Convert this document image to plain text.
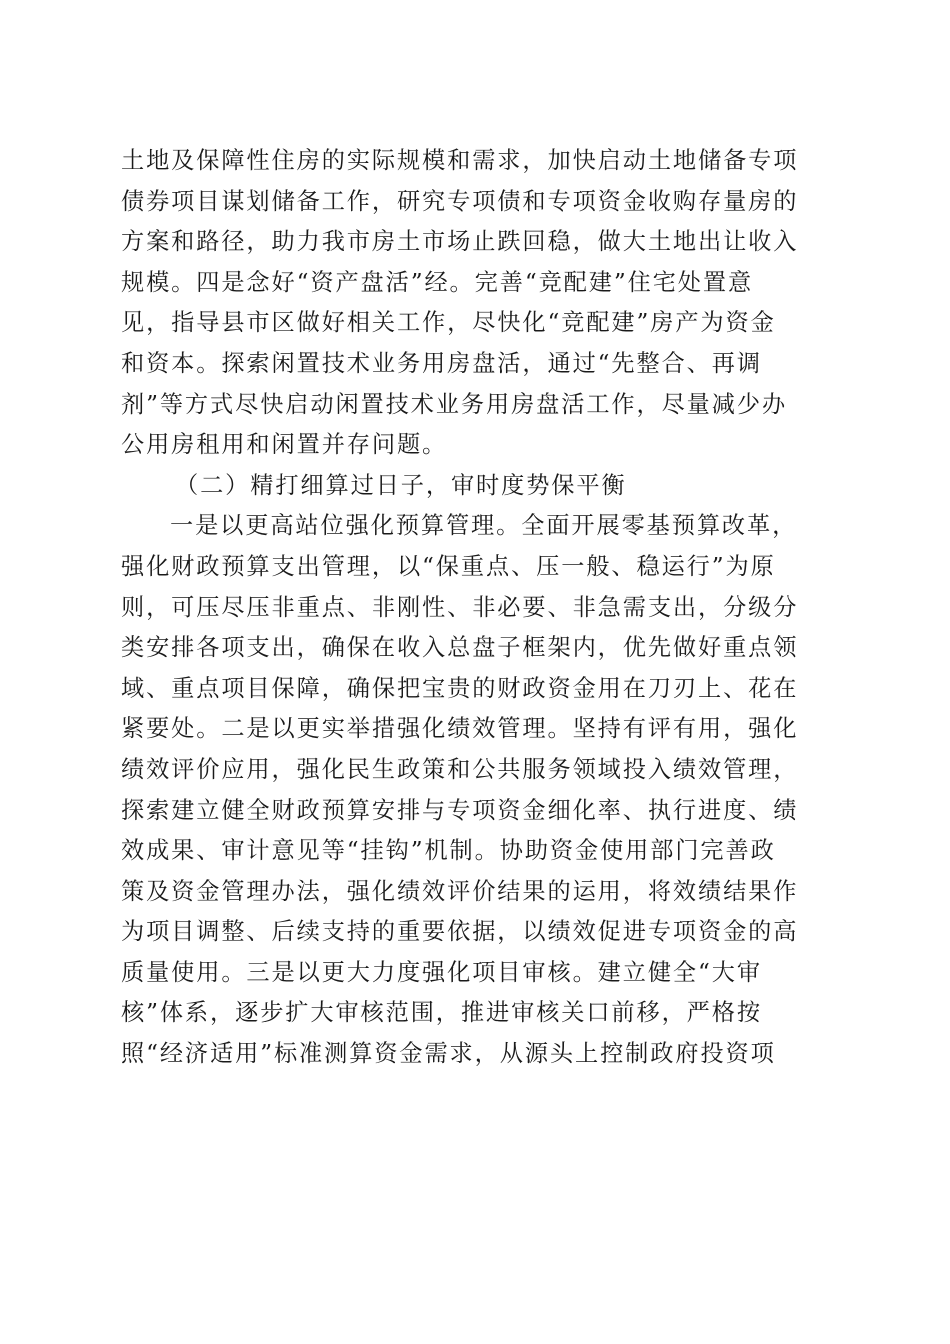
土地及保障性住房的实际规模和需求，加快启动土地储备专项
债券项目谋划储备工作，研究专项债和专项资金收购存量房的
方案和路径，助力我市房土市场止跌回稳，做大土地出让收入
规模。四是念好“资产盘活”经。完善“竞配建”住宅处置意
见，指导县市区做好相关工作，尽快化“竞配建”房产为资金
和资本。探索闲置技术业务用房盘活，通过“先整合、再调
剂”等方式尽快启动闲置技术业务用房盘活工作，尽量减少办
公用房租用和闲置并存问题。
（二）精打细算过日子，审时度势保平衡
一是以更高站位强化预算管理。全面开展零基预算改革，
强化财政预算支出管理，以“保重点、压一般、稳运行”为原
则，可压尽压非重点、非刚性、非必要、非急需支出，分级分
类安排各项支出，确保在收入总盘子框架内，优先做好重点领
域、重点项目保障，确保把宝贵的财政资金用在刀刃上、花在
紧要处。二是以更实举措强化绩效管理。坚持有评有用，强化
绩效评价应用，强化民生政策和公共服务领域投入绩效管理，
探索建立健全财政预算安排与专项资金细化率、执行进度、绩
效成果、审计意见等“挂钩”机制。协助资金使用部门完善政
策及资金管理办法，强化绩效评价结果的运用，将效绩结果作
为项目调整、后续支持的重要依据，以绩效促进专项资金的高
质量使用。三是以更大力度强化项目审核。建立健全“大审
核”体系，逐步扩大审核范围，推进审核关口前移，严格按
照“经济适用”标准测算资金需求，从源头上控制政府投资项
